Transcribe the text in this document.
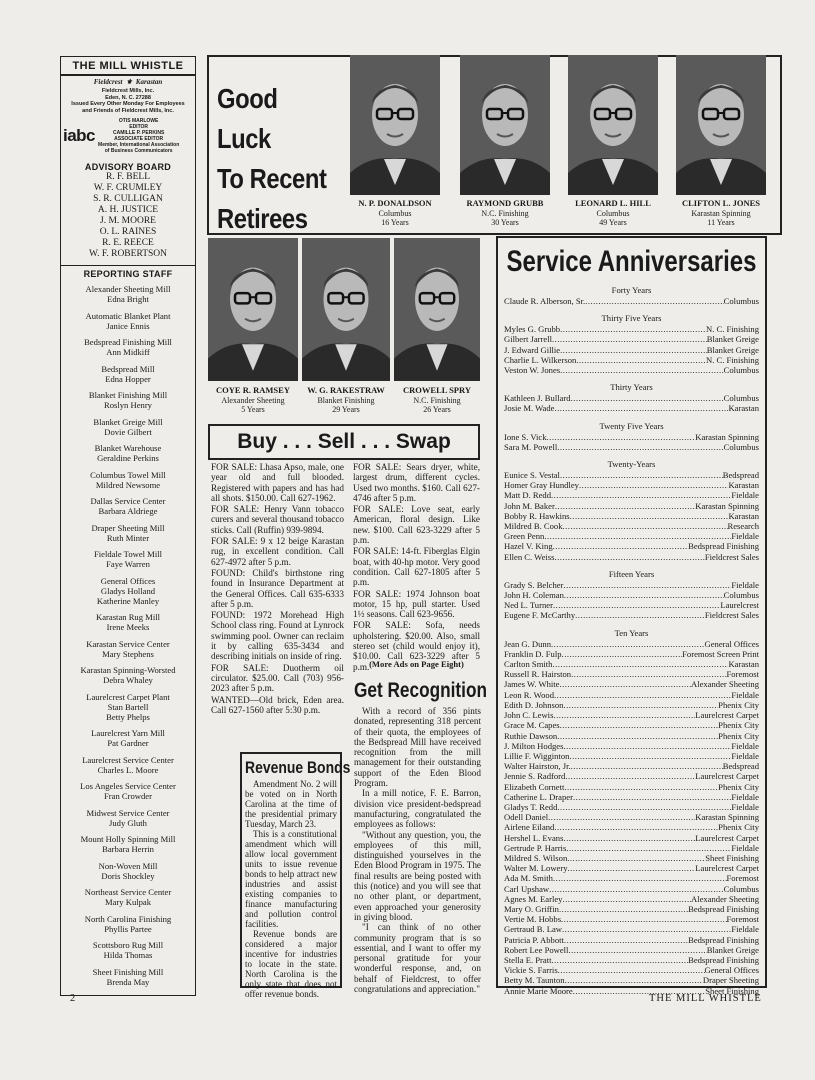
THE MILL WHISTLE
Fieldcrest  ⚜  Karastan
Fieldcrest Mills, Inc.
Eden, N. C. 27288
Issued Every Other Monday For Employees
and Friends of Fieldcrest Mills, Inc.
iabc
OTIS MARLOWE
EDITOR
CAMILLE P. PERKINS
ASSOCIATE EDITOR
Member, International Association
of Business Communicators
ADVISORY BOARD
R. F. BELL
W. F. CRUMLEY
S. R. CULLIGAN
A. H. JUSTICE
J. M. MOORE
O. L. RAINES
R. E. REECE
W. F. ROBERTSON
REPORTING STAFF
Alexander Sheeting Mill
Edna Bright
Automatic Blanket Plant
Janice Ennis
Bedspread Finishing Mill
Ann Midkiff
Bedspread Mill
Edna Hopper
Blanket Finishing Mill
Roslyn Henry
Blanket Greige Mill
Dovie Gilbert
Blanket Warehouse
Geraldine Perkins
Columbus Towel Mill
Mildred Newsome
Dallas Service Center
Barbara Aldriege
Draper Sheeting Mill
Ruth Minter
Fieldale Towel Mill
Faye Warren
General Offices
Gladys Holland
Katherine Manley
Karastan Rug Mill
Irene Meeks
Karastan Service Center
Mary Stephens
Karastan Spinning-Worsted
Debra Whaley
Laurelcrest Carpet Plant
Stan Bartell
Betty Phelps
Laurelcrest Yarn Mill
Pat Gardner
Laurelcrest Service Center
Charles L. Moore
Los Angeles Service Center
Fran Crowder
Midwest Service Center
Judy Gluth
Mount Holly Spinning Mill
Barbara Herrin
Non-Woven Mill
Doris Shockley
Northeast Service Center
Mary Kulpak
North Carolina Finishing
Phyllis Partee
Scottsboro Rug Mill
Hilda Thomas
Sheet Finishing Mill
Brenda May
Good Luck
To Recent
Retirees	N. P. DONALDSON
Columbus
16 Years
RAYMOND GRUBB
N.C. Finishing
30 Years
LEONARD L. HILL
Columbus
49 Years
CLIFTON L. JONES
Karastan Spinning
11 Years
COYE R. RAMSEY
Alexander Sheeting
5 Years
W. G. RAKESTRAW
Blanket Finishing
29 Years
CROWELL SPRY
N.C. Finishing
26 Years
Buy . . . Sell . . . Swap

FOR SALE: Lhasa Apso, male, one year old and full blooded. Registered with papers and has had all shots. $150.00. Call 627-1962.

FOR SALE: Henry Vann tobacco curers and several thousand tobacco sticks. Call (Ruffin) 939-9894.

FOR SALE: 9 x 12 beige Karastan rug, in excellent condition. Call 627-4972 after 5 p.m.

FOUND: Child's birthstone ring found in Insurance Department at the General Offices. Call 635-6333 after 5 p.m.

FOUND: 1972 Morehead High School class ring. Found at Lynrock swimming pool. Owner can reclaim it by calling 635-3434 and describing initials on inside of ring.

FOR SALE: Duotherm oil circulator. $25.00. Call (703) 956-2023 after 5 p.m.

WANTED—Old brick, Eden area. Call 627-1560 after 5:30 p.m.

FOR SALE: Sears dryer, white, largest drum, different cycles. Used two months. $160. Call 627-4746 after 5 p.m.

FOR SALE: Love seat, early American, floral design. Like new. $100. Call 623-3229 after 5 p.m.

FOR SALE: 14-ft. Fiberglas Elgin boat, with 40-hp motor. Very good condition. Call 627-1805 after 5 p.m.

FOR SALE: 1974 Johnson boat motor, 15 hp, pull starter. Used 1½ seasons. Call 623-9656.

FOR SALE: Sofa, needs upholstering. $20.00. Also, small stereo set (child would enjoy it), $10.00. Call 623-3229 after 5 p.m. (More Ads on Page Eight)
Get Recognition

With a record of 356 pints donated, representing 318 percent of their quota, the employees of the Bedspread Mill have received recognition from the mill management for their outstanding support of the Eden Blood Program.

In a mill notice, F. E. Barron, division vice president-bedspread manufacturing, congratulated the employees as follows:

"Without any question, you, the employees of this mill, distinguished yourselves in the Eden Blood Program in 1975. The final results are being posted with this (notice) and you will see that no other plant, or department, even approached your generosity in giving blood.

"I can think of no other community program that is so essential, and I want to offer my personal gratitude for your wonderful response, and, on behalf of Fieldcrest, to offer congratulations and appreciation."

Revenue Bonds

Amendment No. 2 will be voted on in North Carolina at the time of the presidential primary Tuesday, March 23.

This is a constitutional amendment which will allow local government units to issue revenue bonds to help attract new industries and assist existing companies to finance manufacturing and pollution control facilities.

Revenue bonds are considered a major incentive for industries to locate in the state. North Carolina is the only state that does not offer revenue bonds.

Service Anniversaries
Forty Years
Claude R. Alberson, Sr. .....	Columbus
Thirty Five Years
Myles G. Grubb .....	N. C. Finishing
Gilbert Jarrell .....	Blanket Greige
J. Edward Gillie .....	Blanket Greige
Charlie L. Wilkerson .....	N. C. Finishing
Veston W. Jones .....	Columbus
Thirty Years
Kathleen J. Bullard .....	Columbus
Josie M. Wade .....	Karastan
Twenty Five Years
Ione S. Vick .....	Karastan Spinning
Sara M. Powell .....	Columbus
Twenty-Years
Eunice S. Vestal .....	Bedspread
Homer Gray Hundley .....	Karastan
Matt D. Redd .....	Fieldale
John M. Baker .....	Karastan Spinning
Bobby R. Hawkins .....	Karastan
Mildred B. Cook .....	Research
Green Penn .....	Fieldale
Hazel V. King .....	Bedspread Finishing
Ellen C. Weiss .....	Fieldcrest Sales
Fifteen Years
Grady S. Belcher .....	Fieldale
John H. Coleman .....	Columbus
Ned L. Turner .....	Laurelcrest
Eugene F. McCarthy .....	Fieldcrest Sales
Ten Years
Jean G. Dunn .....	General Offices
Franklin D. Fulp .....	Foremost Screen Print
Carlton Smith .....	Karastan
Russell R. Hairston .....	Foremost
James W. White .....	Alexander Sheeting
Leon R. Wood .....	Fieldale
Edith D. Johnson .....	Phenix City
John C. Lewis .....	Laurelcrest Carpet
Grace M. Capes .....	Phenix City
Ruthie Dawson .....	Phenix City
J. Milton Hodges .....	Fieldale
Lillie F. Wigginton .....	Fieldale
Walter Hairston, Jr. .....	Bedspread
Jennie S. Radford .....	Laurelcrest Carpet
Elizabeth Cornett .....	Phenix City
Catherine L. Draper .....	Fieldale
Gladys T. Redd .....	Fieldale
Odell Daniel .....	Karastan Spinning
Airlene Eiland .....	Phenix City
Hershel L. Evans .....	Laurelcrest Carpet
Gertrude P. Harris .....	Fieldale
Mildred S. Wilson .....	Sheet Finishing
Walter M. Lowery .....	Laurelcrest Carpet
Ada M. Smith .....	Foremost
Carl Upshaw .....	Columbus
Agnes M. Earley .....	Alexander Sheeting
Mary O. Griffin .....	Bedspread Finishing
Vertie M. Hobbs .....	Foremost
Gertraud B. Law .....	Fieldale
Patricia P. Abbott .....	Bedspread Finishing
Robert Lee Powell .....	Blanket Greige
Stella E. Pratt .....	Bedspread Finishing
Vickie S. Farris .....	General Offices
Betty M. Taunton .....	Draper Sheeting
Annie Marie Moore .....	Sheet Finishing
2	THE MILL WHISTLE
